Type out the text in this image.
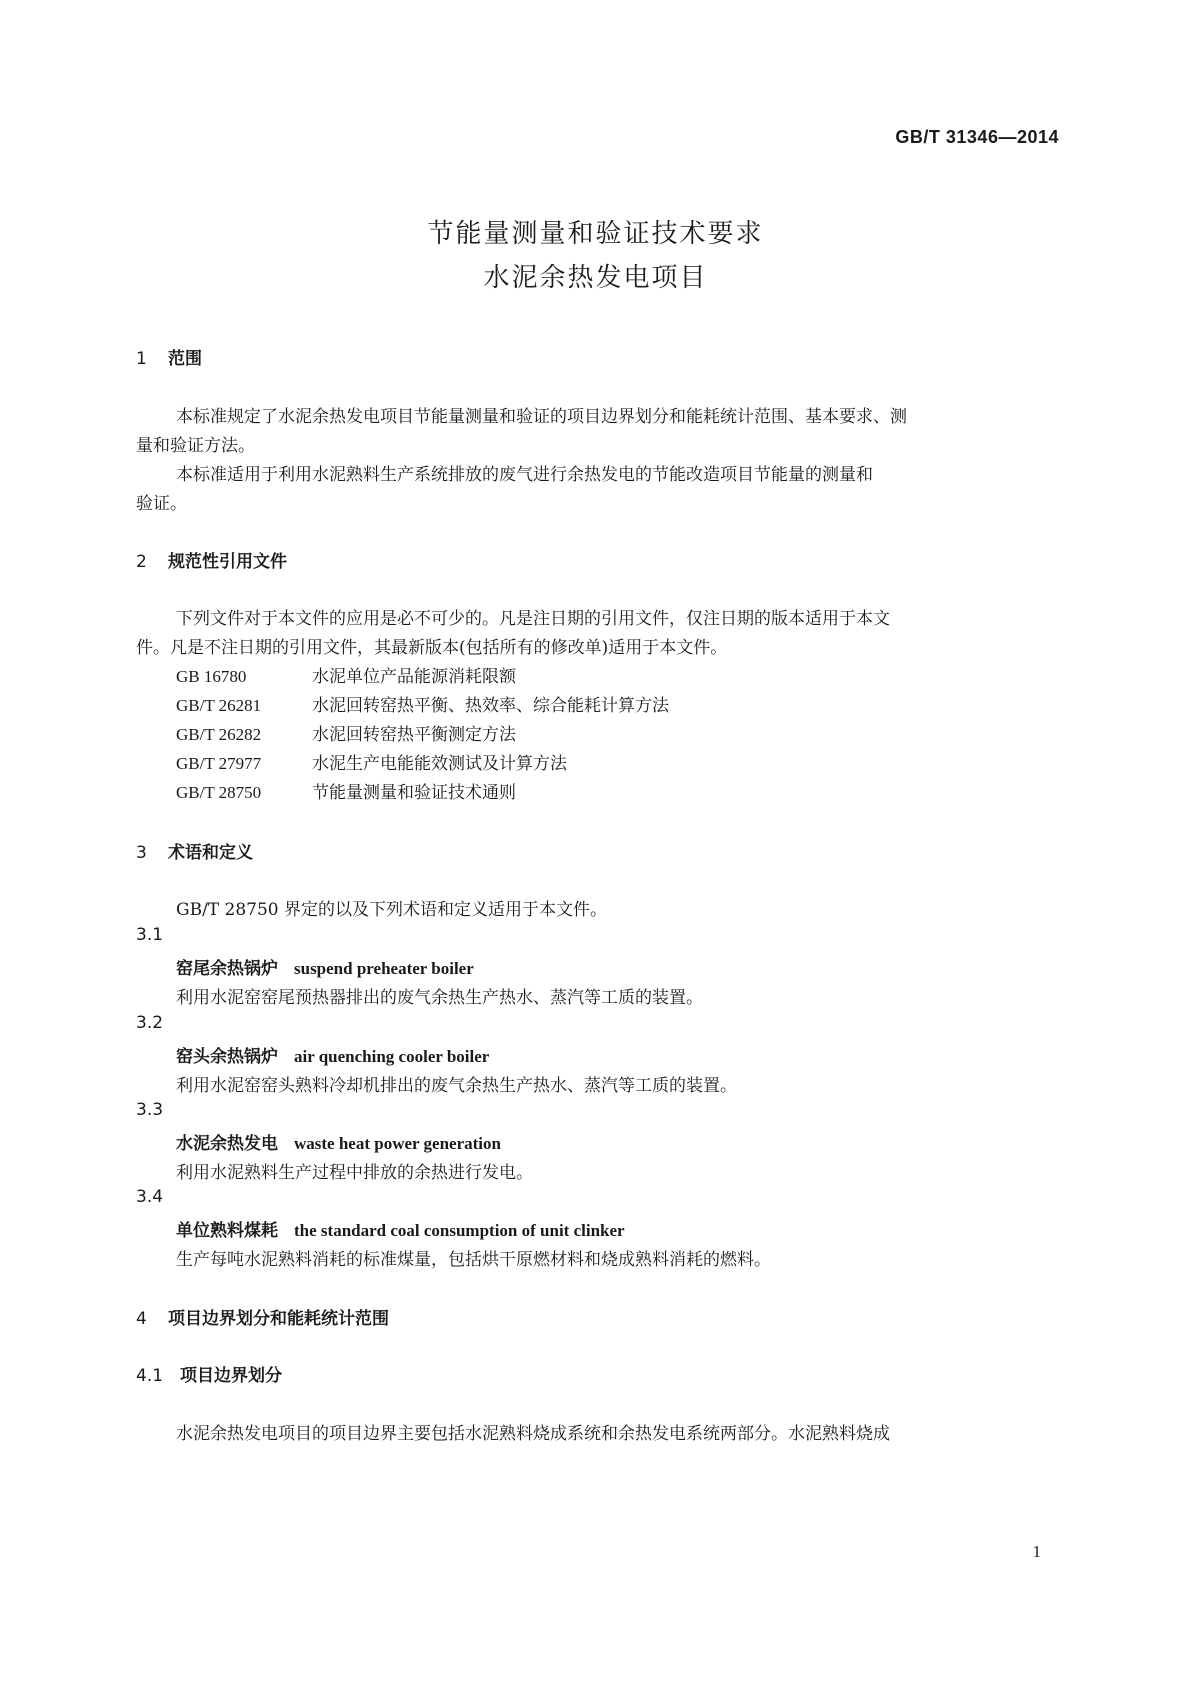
GB/T 31346—2014
节能量测量和验证技术要求
水泥余热发电项目
1 范围
本标准规定了水泥余热发电项目节能量测量和验证的项目边界划分和能耗统计范围、基本要求、测
量和验证方法。
本标准适用于利用水泥熟料生产系统排放的废气进行余热发电的节能改造项目节能量的测量和
验证。
2 规范性引用文件
下列文件对于本文件的应用是必不可少的。凡是注日期的引用文件，仅注日期的版本适用于本文
件。凡是不注日期的引用文件，其最新版本(包括所有的修改单)适用于本文件。
GB 16780	水泥单位产品能源消耗限额
GB/T 26281	水泥回转窑热平衡、热效率、综合能耗计算方法
GB/T 26282	水泥回转窑热平衡测定方法
GB/T 27977	水泥生产电能能效测试及计算方法
GB/T 28750	节能量测量和验证技术通则
3 术语和定义
GB/T 28750 界定的以及下列术语和定义适用于本文件。
3.1
窑尾余热锅炉 suspend preheater boiler
利用水泥窑窑尾预热器排出的废气余热生产热水、蒸汽等工质的装置。
3.2
窑头余热锅炉 air quenching cooler boiler
利用水泥窑窑头熟料冷却机排出的废气余热生产热水、蒸汽等工质的装置。
3.3
水泥余热发电 waste heat power generation
利用水泥熟料生产过程中排放的余热进行发电。
3.4
单位熟料煤耗 the standard coal consumption of unit clinker
生产每吨水泥熟料消耗的标准煤量，包括烘干原燃材料和烧成熟料消耗的燃料。
4 项目边界划分和能耗统计范围
4.1 项目边界划分
水泥余热发电项目的项目边界主要包括水泥熟料烧成系统和余热发电系统两部分。水泥熟料烧成
1
